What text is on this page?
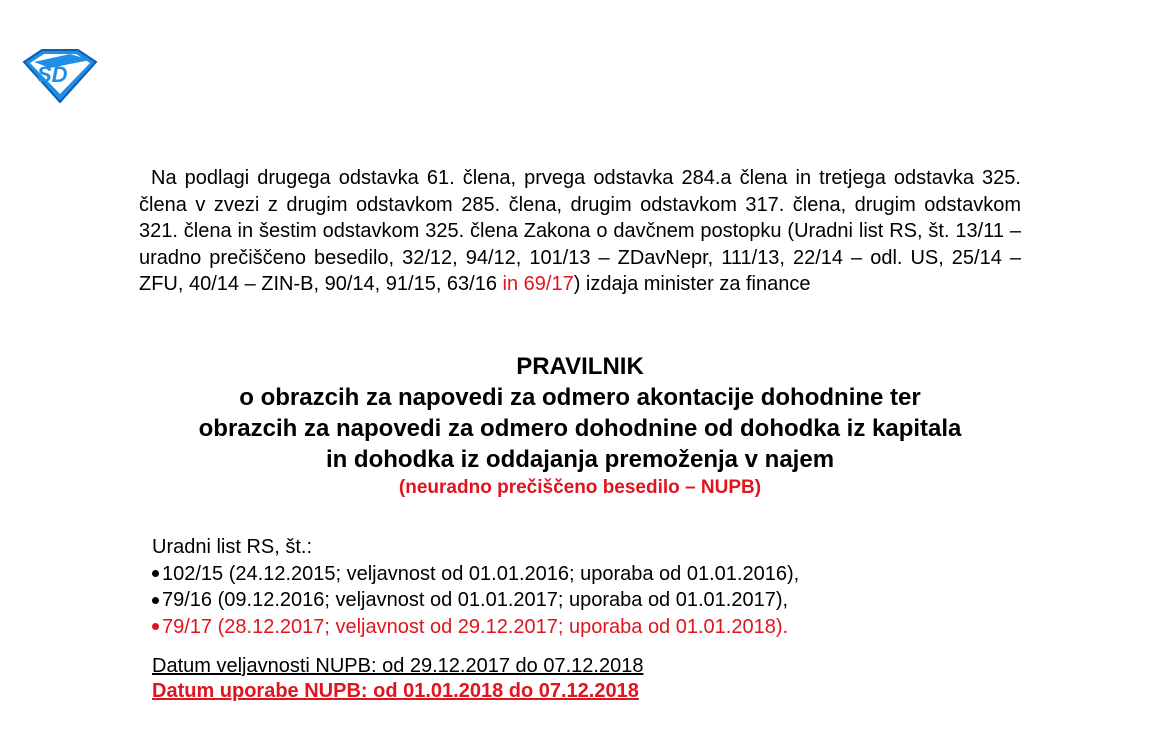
SD
Na podlagi drugega odstavka 61. člena, prvega odstavka 284.a člena in tretjega odstavka 325. člena v zvezi z drugim odstavkom 285. člena, drugim odstavkom 317. člena, drugim odstavkom 321. člena in šestim odstavkom 325. člena Zakona o davčnem postopku (Uradni list RS, št. 13/11 – uradno prečiščeno besedilo, 32/12, 94/12, 101/13 – ZDavNepr, 111/13, 22/14 – odl. US, 25/14 – ZFU, 40/14 – ZIN-B, 90/14, 91/15, 63/16 in 69/17) izdaja minister za finance
PRAVILNIK
o obrazcih za napovedi za odmero akontacije dohodnine ter
obrazcih za napovedi za odmero dohodnine od dohodka iz kapitala
in dohodka iz oddajanja premoženja v najem
(neuradno prečiščeno besedilo – NUPB)
Uradni list RS, št.:
102/15 (24.12.2015; veljavnost od 01.01.2016; uporaba od 01.01.2016),
79/16 (09.12.2016; veljavnost od 01.01.2017; uporaba od 01.01.2017),
79/17 (28.12.2017; veljavnost od 29.12.2017; uporaba od 01.01.2018).
Datum veljavnosti NUPB: od 29.12.2017 do 07.12.2018
Datum uporabe NUPB: od 01.01.2018 do 07.12.2018
